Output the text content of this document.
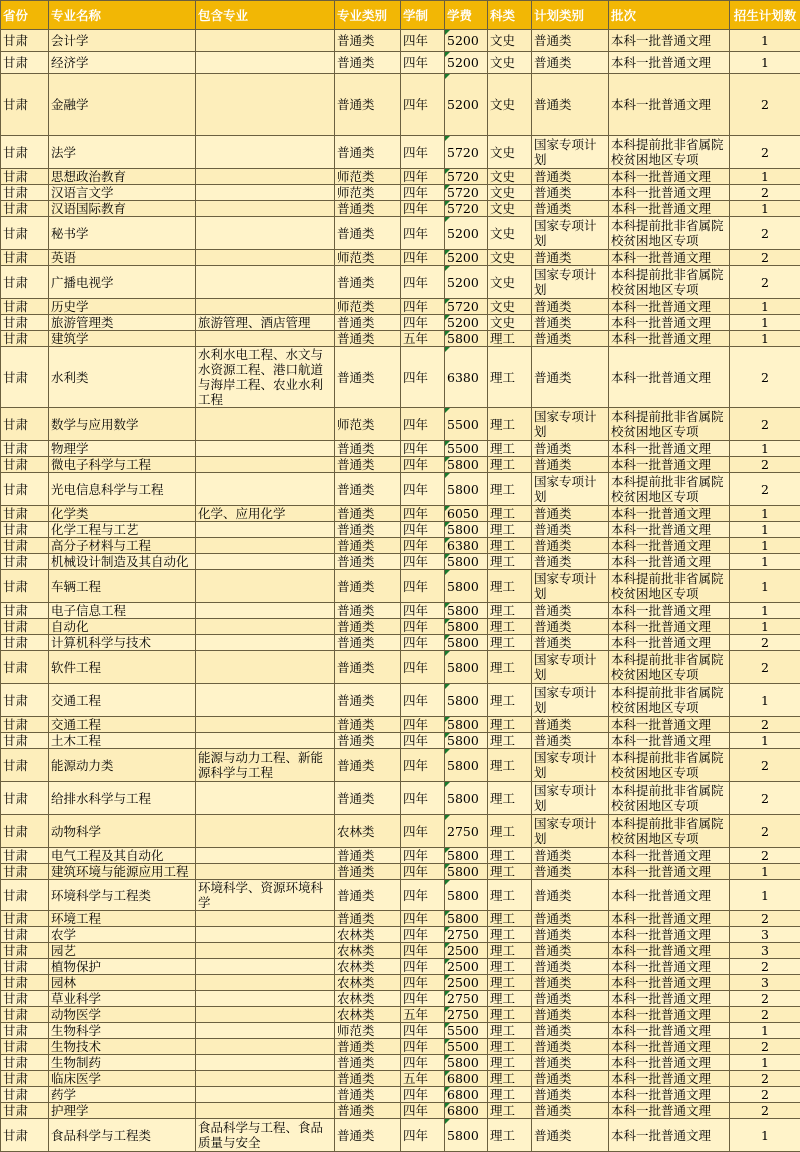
省份	专业名称	包含专业	专业类别	学制	学费	科类	计划类别	批次	招生计划数
甘肃	会计学		普通类	四年	5200	文史	普通类	本科一批普通文理	1
甘肃	经济学		普通类	四年	5200	文史	普通类	本科一批普通文理	1
甘肃	金融学		普通类	四年	5200	文史	普通类	本科一批普通文理	2
甘肃	法学		普通类	四年	5720	文史	国家专项计划	本科提前批非省属院校贫困地区专项	2
甘肃	思想政治教育		师范类	四年	5720	文史	普通类	本科一批普通文理	1
甘肃	汉语言文学		师范类	四年	5720	文史	普通类	本科一批普通文理	2
甘肃	汉语国际教育		普通类	四年	5720	文史	普通类	本科一批普通文理	1
甘肃	秘书学		普通类	四年	5200	文史	国家专项计划	本科提前批非省属院校贫困地区专项	2
甘肃	英语		师范类	四年	5200	文史	普通类	本科一批普通文理	2
甘肃	广播电视学		普通类	四年	5200	文史	国家专项计划	本科提前批非省属院校贫困地区专项	2
甘肃	历史学		师范类	四年	5720	文史	普通类	本科一批普通文理	1
甘肃	旅游管理类	旅游管理、酒店管理	普通类	四年	5200	文史	普通类	本科一批普通文理	1
甘肃	建筑学		普通类	五年	5800	理工	普通类	本科一批普通文理	1
甘肃	水利类	水利水电工程、水文与水资源工程、港口航道与海岸工程、农业水利工程	普通类	四年	6380	理工	普通类	本科一批普通文理	2
甘肃	数学与应用数学		师范类	四年	5500	理工	国家专项计划	本科提前批非省属院校贫困地区专项	2
甘肃	物理学		普通类	四年	5500	理工	普通类	本科一批普通文理	1
甘肃	微电子科学与工程		普通类	四年	5800	理工	普通类	本科一批普通文理	2
甘肃	光电信息科学与工程		普通类	四年	5800	理工	国家专项计划	本科提前批非省属院校贫困地区专项	2
甘肃	化学类	化学、应用化学	普通类	四年	6050	理工	普通类	本科一批普通文理	1
甘肃	化学工程与工艺		普通类	四年	5800	理工	普通类	本科一批普通文理	1
甘肃	高分子材料与工程		普通类	四年	6380	理工	普通类	本科一批普通文理	1
甘肃	机械设计制造及其自动化		普通类	四年	5800	理工	普通类	本科一批普通文理	1
甘肃	车辆工程		普通类	四年	5800	理工	国家专项计划	本科提前批非省属院校贫困地区专项	1
甘肃	电子信息工程		普通类	四年	5800	理工	普通类	本科一批普通文理	1
甘肃	自动化		普通类	四年	5800	理工	普通类	本科一批普通文理	1
甘肃	计算机科学与技术		普通类	四年	5800	理工	普通类	本科一批普通文理	2
甘肃	软件工程		普通类	四年	5800	理工	国家专项计划	本科提前批非省属院校贫困地区专项	2
甘肃	交通工程		普通类	四年	5800	理工	国家专项计划	本科提前批非省属院校贫困地区专项	1
甘肃	交通工程		普通类	四年	5800	理工	普通类	本科一批普通文理	2
甘肃	土木工程		普通类	四年	5800	理工	普通类	本科一批普通文理	1
甘肃	能源动力类	能源与动力工程、新能源科学与工程	普通类	四年	5800	理工	国家专项计划	本科提前批非省属院校贫困地区专项	2
甘肃	给排水科学与工程		普通类	四年	5800	理工	国家专项计划	本科提前批非省属院校贫困地区专项	2
甘肃	动物科学		农林类	四年	2750	理工	国家专项计划	本科提前批非省属院校贫困地区专项	2
甘肃	电气工程及其自动化		普通类	四年	5800	理工	普通类	本科一批普通文理	2
甘肃	建筑环境与能源应用工程		普通类	四年	5800	理工	普通类	本科一批普通文理	1
甘肃	环境科学与工程类	环境科学、资源环境科学	普通类	四年	5800	理工	普通类	本科一批普通文理	1
甘肃	环境工程		普通类	四年	5800	理工	普通类	本科一批普通文理	2
甘肃	农学		农林类	四年	2750	理工	普通类	本科一批普通文理	3
甘肃	园艺		农林类	四年	2500	理工	普通类	本科一批普通文理	3
甘肃	植物保护		农林类	四年	2500	理工	普通类	本科一批普通文理	2
甘肃	园林		农林类	四年	2500	理工	普通类	本科一批普通文理	3
甘肃	草业科学		农林类	四年	2750	理工	普通类	本科一批普通文理	2
甘肃	动物医学		农林类	五年	2750	理工	普通类	本科一批普通文理	2
甘肃	生物科学		师范类	四年	5500	理工	普通类	本科一批普通文理	1
甘肃	生物技术		普通类	四年	5500	理工	普通类	本科一批普通文理	2
甘肃	生物制药		普通类	四年	5800	理工	普通类	本科一批普通文理	1
甘肃	临床医学		普通类	五年	6800	理工	普通类	本科一批普通文理	2
甘肃	药学		普通类	四年	6800	理工	普通类	本科一批普通文理	2
甘肃	护理学		普通类	四年	6800	理工	普通类	本科一批普通文理	2
甘肃	食品科学与工程类	食品科学与工程、食品质量与安全	普通类	四年	5800	理工	普通类	本科一批普通文理	1
